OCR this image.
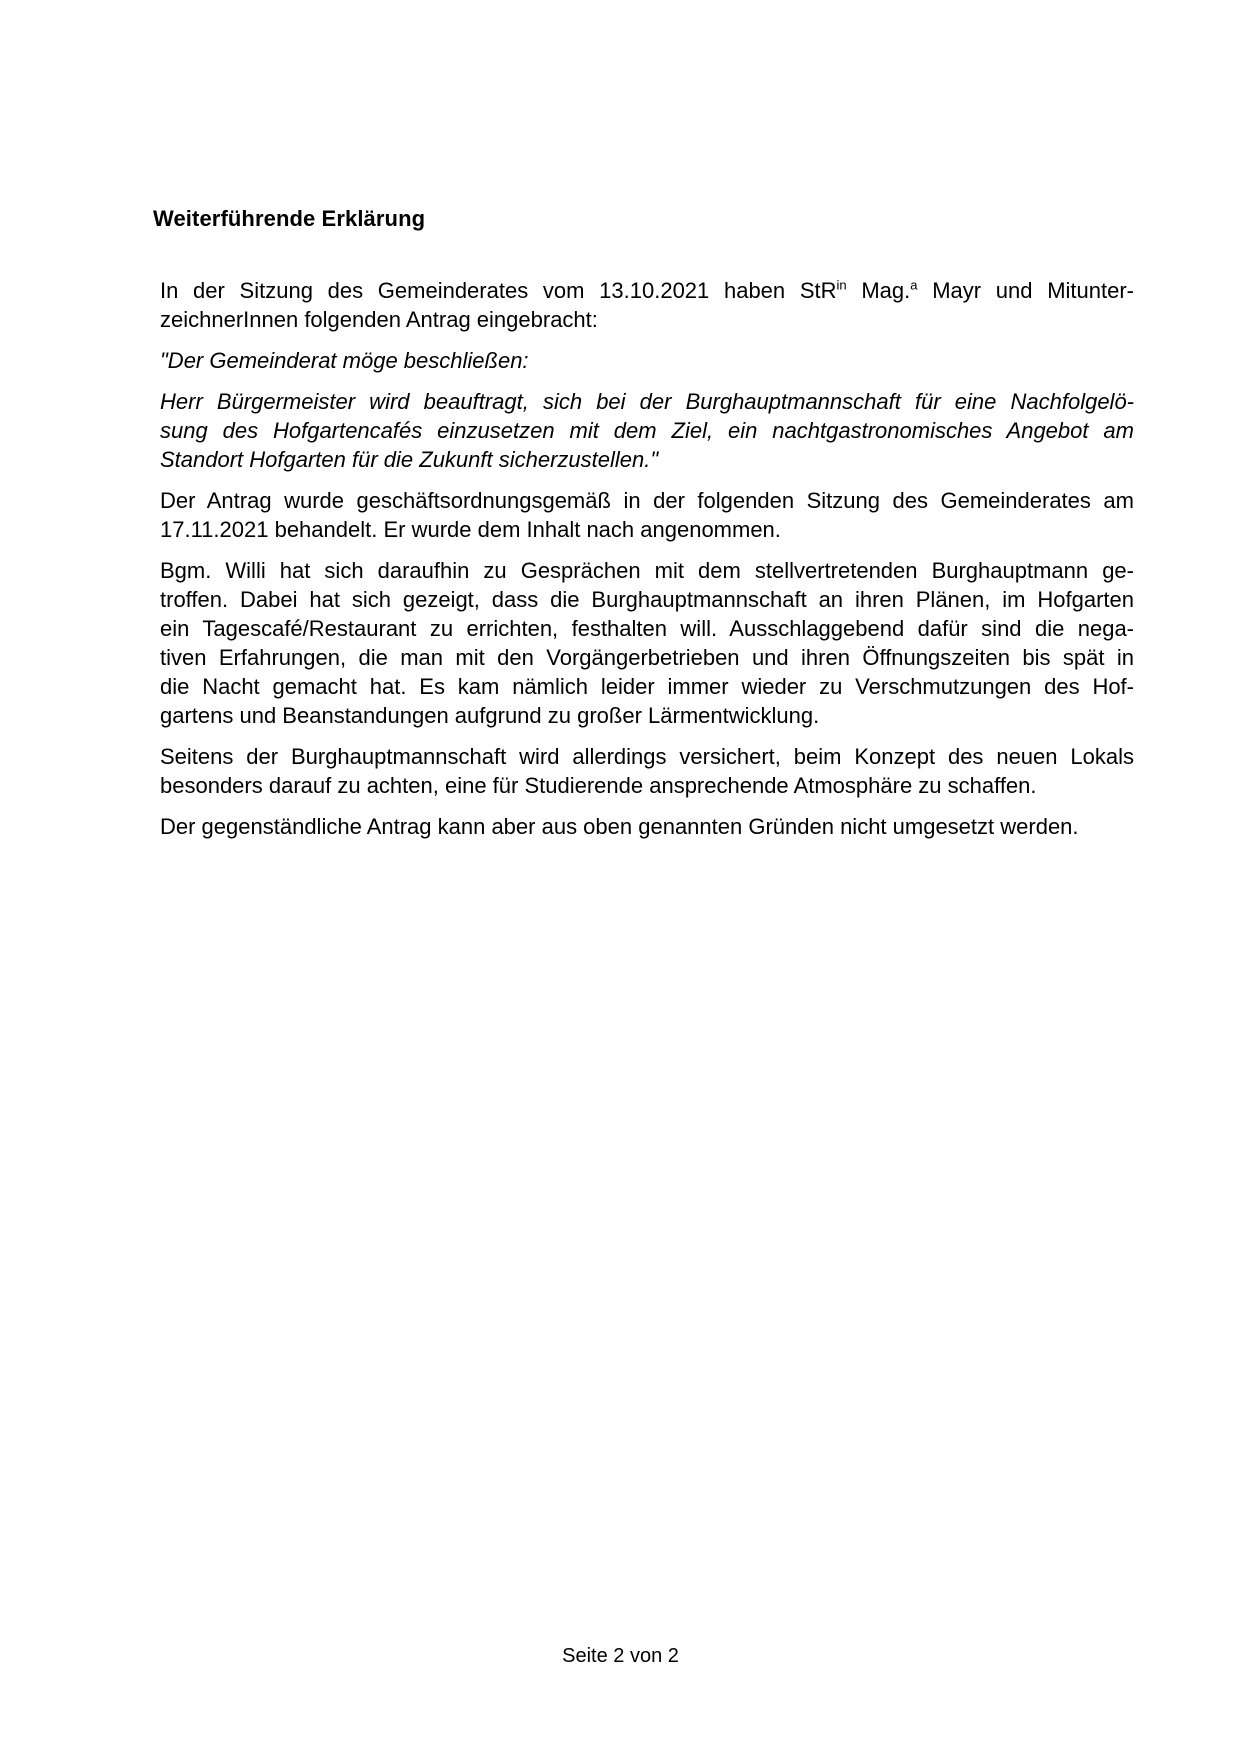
Weiterführende Erklärung

In der Sitzung des Gemeinderates vom 13.10.2021 haben StR$^{in}$ Mag.$^a$ Mayr und Mitunter-
zeichnerInnen folgenden Antrag eingebracht:

"Der Gemeinderat möge beschließen:

Herr Bürgermeister wird beauftragt, sich bei der Burghauptmannschaft für eine Nachfolgelö-
sung des Hofgartencafés einzusetzen mit dem Ziel, ein nachtgastronomisches Angebot am
Standort Hofgarten für die Zukunft sicherzustellen."

Der Antrag wurde geschäftsordnungsgemäß in der folgenden Sitzung des Gemeinderates am
17.11.2021 behandelt. Er wurde dem Inhalt nach angenommen.

Bgm. Willi hat sich daraufhin zu Gesprächen mit dem stellvertretenden Burghauptmann ge-
troffen. Dabei hat sich gezeigt, dass die Burghauptmannschaft an ihren Plänen, im Hofgarten
ein Tagescafé/Restaurant zu errichten, festhalten will. Ausschlaggebend dafür sind die nega-
tiven Erfahrungen, die man mit den Vorgängerbetrieben und ihren Öffnungszeiten bis spät in
die Nacht gemacht hat. Es kam nämlich leider immer wieder zu Verschmutzungen des Hof-
gartens und Beanstandungen aufgrund zu großer Lärmentwicklung.

Seitens der Burghauptmannschaft wird allerdings versichert, beim Konzept des neuen Lokals
besonders darauf zu achten, eine für Studierende ansprechende Atmosphäre zu schaffen.

Der gegenständliche Antrag kann aber aus oben genannten Gründen nicht umgesetzt werden.

Seite 2 von 2
